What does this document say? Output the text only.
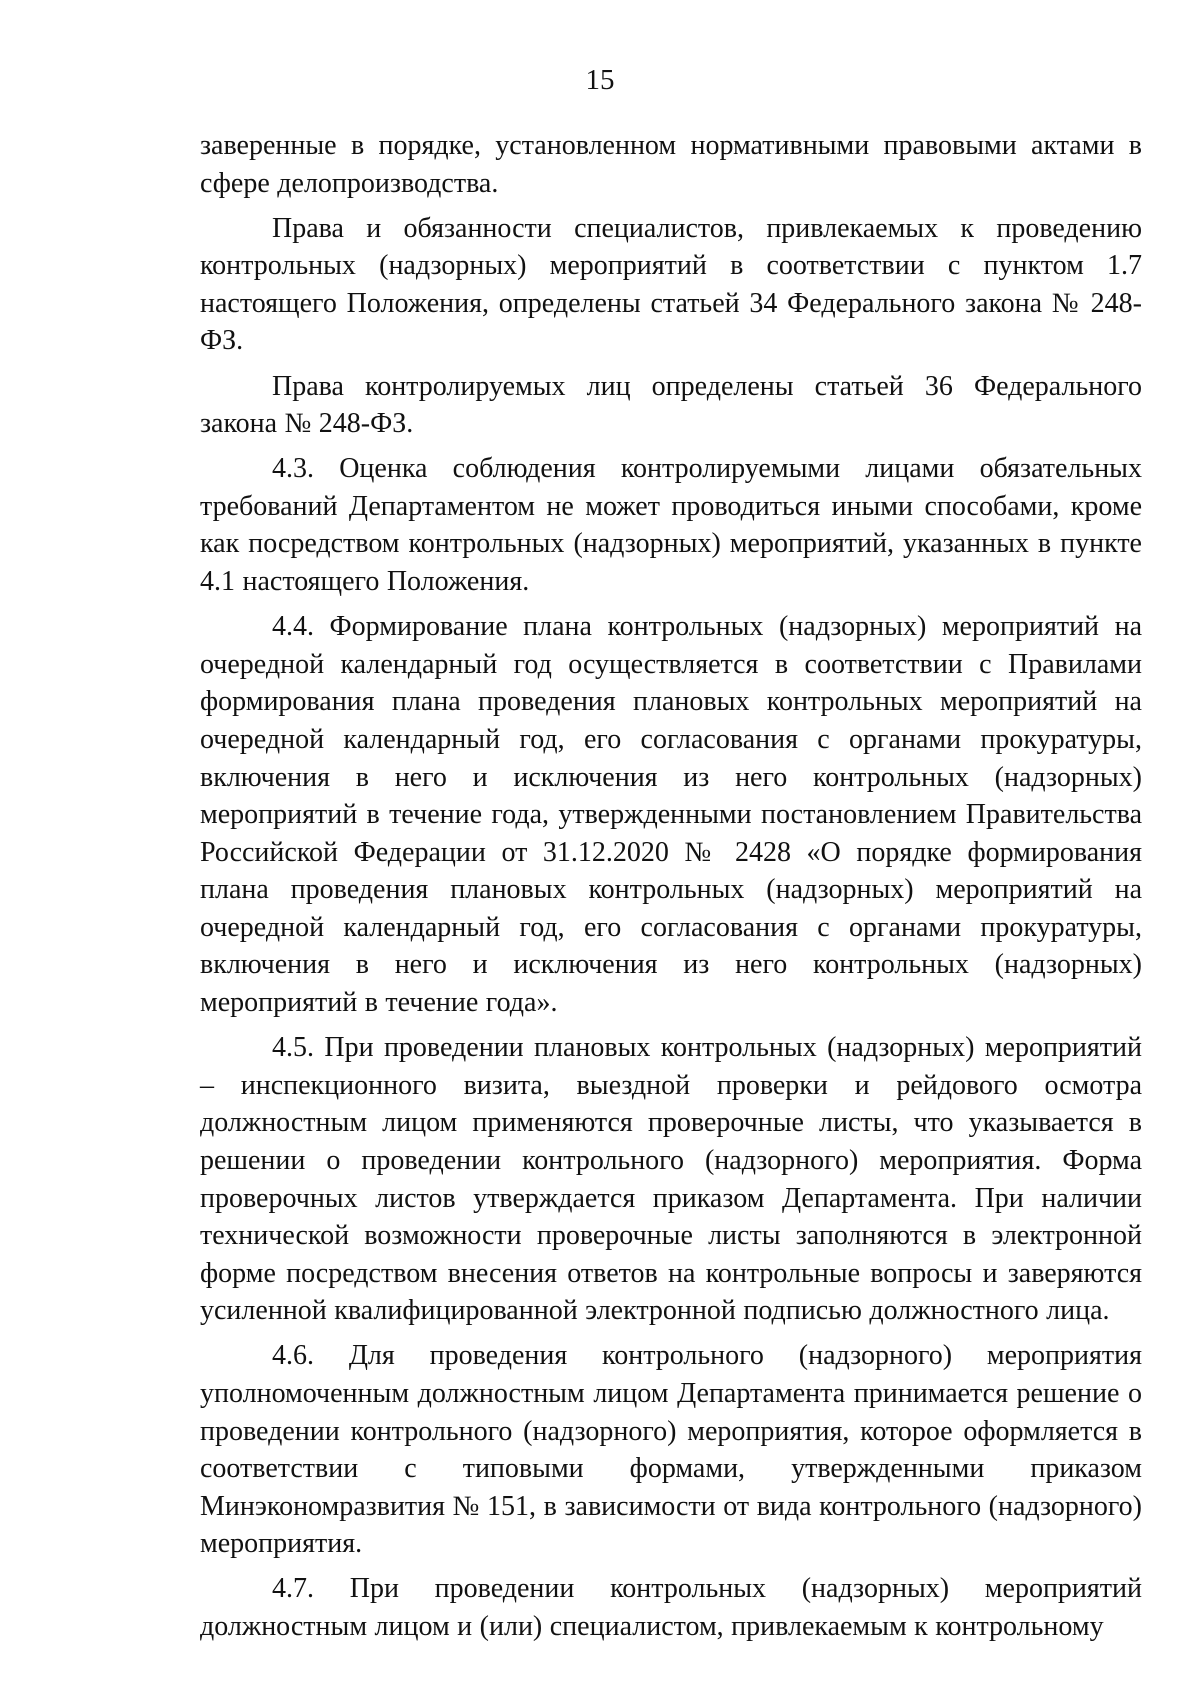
15

заверенные в порядке, установленном нормативными правовыми актами в сфере делопроизводства.

Права и обязанности специалистов, привлекаемых к проведению контрольных (надзорных) мероприятий в соответствии с пунктом 1.7 настоящего Положения, определены статьей 34 Федерального закона № 248-ФЗ.

Права контролируемых лиц определены статьей 36 Федерального закона № 248-ФЗ.

4.3. Оценка соблюдения контролируемыми лицами обязательных требований Департаментом не может проводиться иными способами, кроме как посредством контрольных (надзорных) мероприятий, указанных в пункте 4.1 настоящего Положения.

4.4. Формирование плана контрольных (надзорных) мероприятий на очередной календарный год осуществляется в соответствии с Правилами формирования плана проведения плановых контрольных мероприятий на очередной календарный год, его согласования с органами прокуратуры, включения в него и исключения из него контрольных (надзорных) мероприятий в течение года, утвержденными постановлением Правительства Российской Федерации от 31.12.2020 № 2428 «О порядке формирования плана проведения плановых контрольных (надзорных) мероприятий на очередной календарный год, его согласования с органами прокуратуры, включения в него и исключения из него контрольных (надзорных) мероприятий в течение года».

4.5. При проведении плановых контрольных (надзорных) мероприятий – инспекционного визита, выездной проверки и рейдового осмотра должностным лицом применяются проверочные листы, что указывается в решении о проведении контрольного (надзорного) мероприятия. Форма проверочных листов утверждается приказом Департамента. При наличии технической возможности проверочные листы заполняются в электронной форме посредством внесения ответов на контрольные вопросы и заверяются усиленной квалифицированной электронной подписью должностного лица.

4.6. Для проведения контрольного (надзорного) мероприятия уполномоченным должностным лицом Департамента принимается решение о проведении контрольного (надзорного) мероприятия, которое оформляется в соответствии с типовыми формами, утвержденными приказом Минэкономразвития № 151, в зависимости от вида контрольного (надзорного) мероприятия.

4.7. При проведении контрольных (надзорных) мероприятий должностным лицом и (или) специалистом, привлекаемым к контрольному
